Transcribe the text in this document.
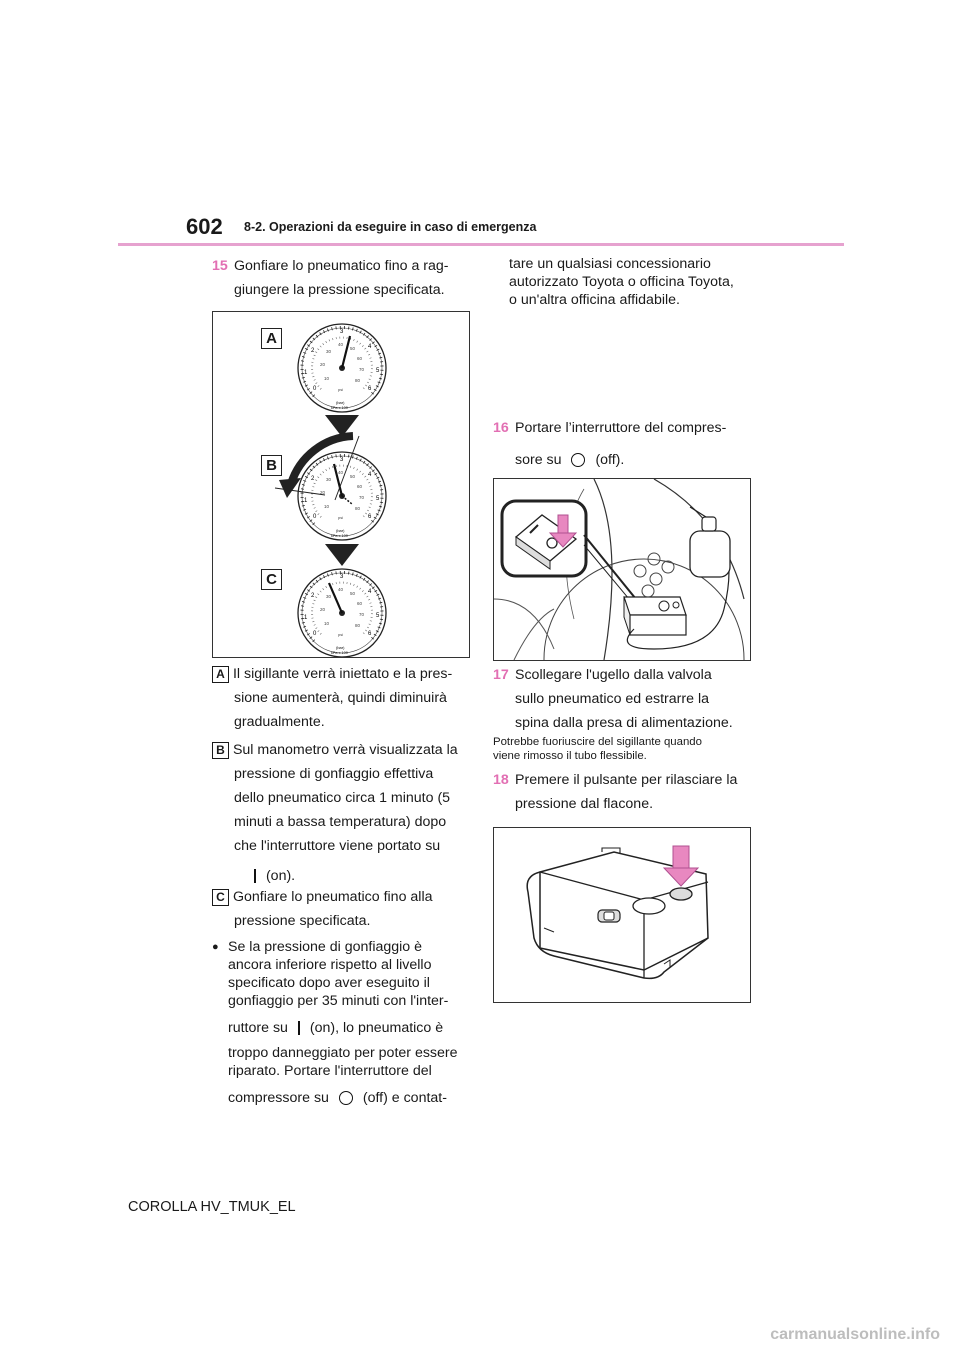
602 8-2. Operazioni da eseguire in caso di emergenza
15 Gonfiare lo pneumatico fino a rag-
giungere la pressione specificata.
5
6
70
80
r)
100
A
B
C
A Il sigillante verrà iniettato e la pres-
sione aumenterà, quindi diminuirà
gradualmente.
B Sul manometro verrà visualizzata la
pressione di gonfiaggio effettiva
dello pneumatico circa 1 minuto (5
minuti a bassa temperatura) dopo
che l'interruttore viene portato su
(on).
C Gonfiare lo pneumatico fino alla
pressione specificata.
● Se la pressione di gonfiaggio è
ancora inferiore rispetto al livello
specificato dopo aver eseguito il
gonfiaggio per 35 minuti con l'inter-
ruttore su (on), lo pneumatico è
troppo danneggiato per poter essere
riparato. Portare l'interruttore del
compressore su (off) e contat-
tare un qualsiasi concessionario
autorizzato Toyota o officina Toyota,
o un'altra officina affidabile.
●
16 Portare l’interruttore del compres-
sore su (off).
17 Scollegare l'ugello dalla valvola
sullo pneumatico ed estrarre la
spina dalla presa di alimentazione.
Potrebbe fuoriuscire del sigillante quando
viene rimosso il tubo flessibile.
18 Premere il pulsante per rilasciare la
pressione dal flacone.
COROLLA HV_TMUK_EL
carmanualsonline.info
